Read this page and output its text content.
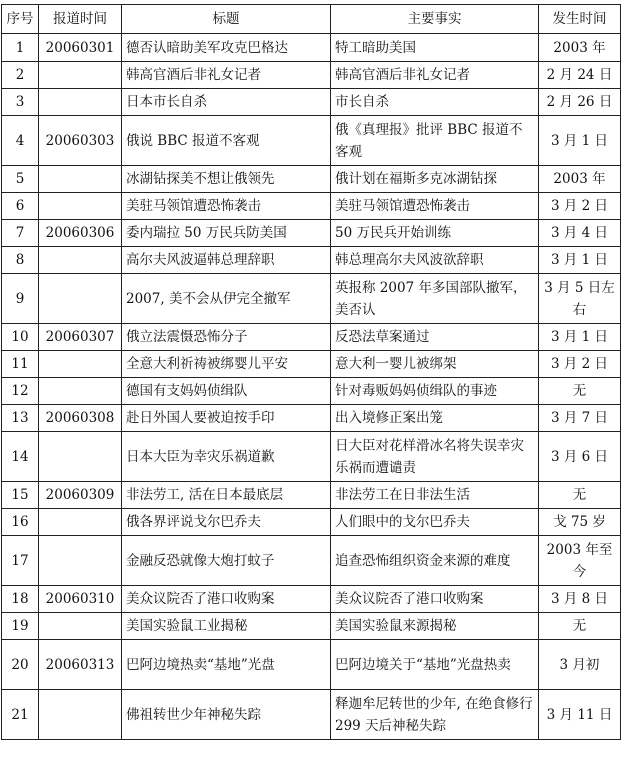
序号	报道时间	标题	主要事实	发生时间
1	20060301	德否认暗助美军攻克巴格达	特工暗助美国	2003 年
2		韩高官酒后非礼女记者	韩高官酒后非礼女记者	2 月 24 日
3		日本市长自杀	市长自杀	2 月 26 日
4	20060303	俄说 BBC 报道不客观	俄《真理报》批评 BBC 报道不客观	3 月 1 日
5		冰湖钻探美不想让俄领先	俄计划在福斯多克冰湖钻探	2003 年
6		美驻马领馆遭恐怖袭击	美驻马领馆遭恐怖袭击	3 月 2 日
7	20060306	委内瑞拉 50 万民兵防美国	50 万民兵开始训练	3 月 4 日
8		高尔夫风波逼韩总理辞职	韩总理高尔夫风波欲辞职	3 月 1 日
9		2007, 美不会从伊完全撤军	英报称 2007 年多国部队撤军，美否认	3 月 5 日左右
10	20060307	俄立法震慑恐怖分子	反恐法草案通过	3 月 1 日
11		全意大利祈祷被绑婴儿平安	意大利一婴儿被绑架	3 月 2 日
12		德国有支妈妈侦缉队	针对毒贩妈妈侦缉队的事迹	无
13	20060308	赴日外国人要被迫按手印	出入境修正案出笼	3 月 7 日
14		日本大臣为幸灾乐祸道歉	日大臣对花样滑冰名将失误幸灾乐祸而遭谴责	3 月 6 日
15	20060309	非法劳工, 活在日本最底层	非法劳工在日非法生活	无
16		俄各界评说戈尔巴乔夫	人们眼中的戈尔巴乔夫	戈 75 岁
17		金融反恐就像大炮打蚊子	追查恐怖组织资金来源的难度	2003 年至今
18	20060310	美众议院否了港口收购案	美众议院否了港口收购案	3 月 8 日
19		美国实验鼠工业揭秘	美国实验鼠来源揭秘	无
20	20060313	巴阿边境热卖“基地”光盘	巴阿边境关于“基地”光盘热卖	3 月初
21		佛祖转世少年神秘失踪	释迦牟尼转世的少年, 在绝食修行 299 天后神秘失踪	3 月 11 日
